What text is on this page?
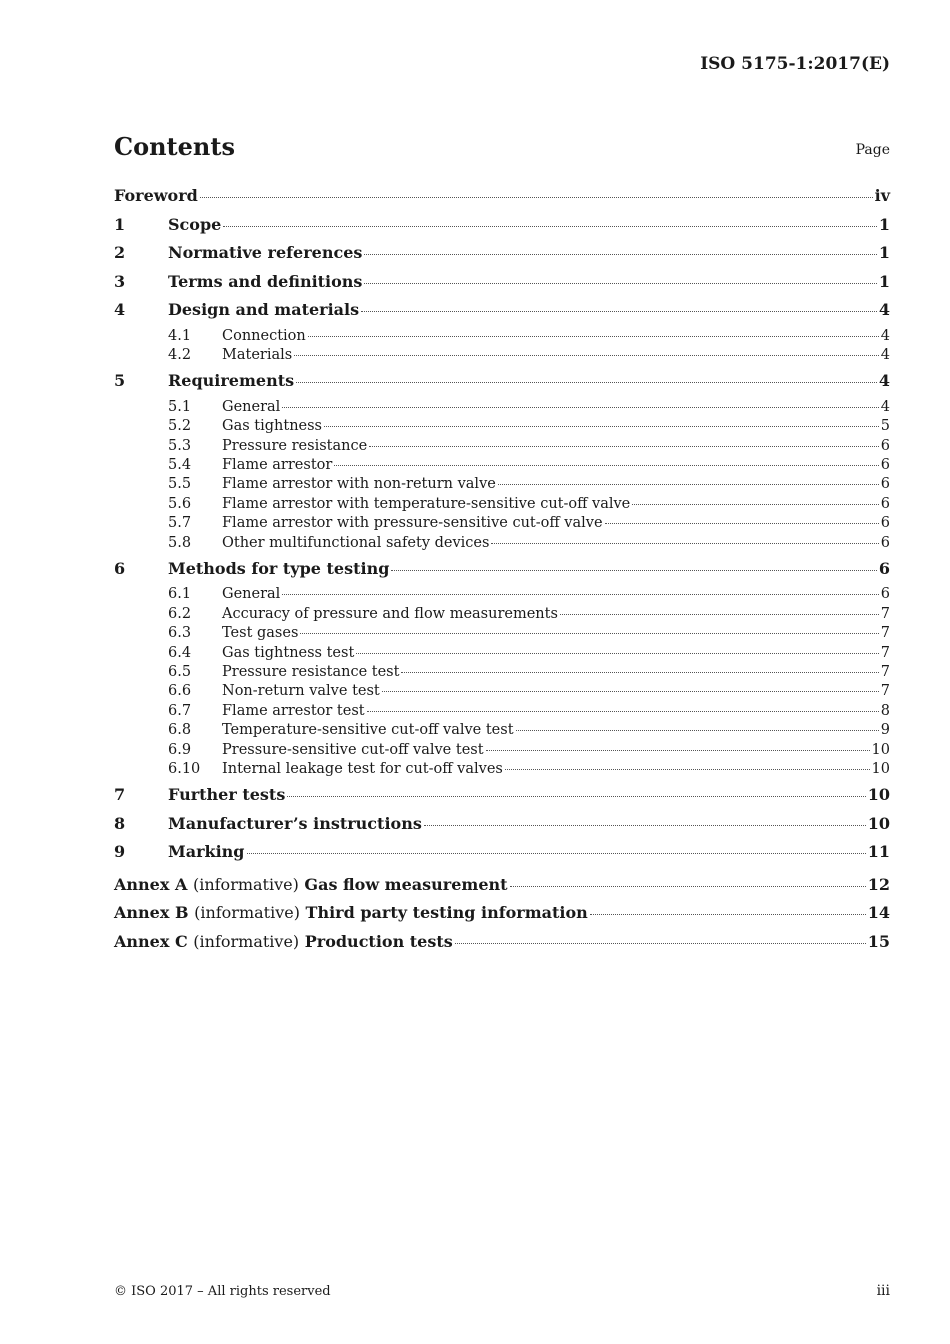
ISO 5175-1:2017(E)
Contents	Page
Foreword	iv
1	Scope	1
2	Normative references	1
3	Terms and definitions	1
4	Design and materials	4
4.1	Connection	4
4.2	Materials	4
5	Requirements	4
5.1	General	4
5.2	Gas tightness	5
5.3	Pressure resistance	6
5.4	Flame arrestor	6
5.5	Flame arrestor with non-return valve	6
5.6	Flame arrestor with temperature-sensitive cut-off valve	6
5.7	Flame arrestor with pressure-sensitive cut-off valve	6
5.8	Other multifunctional safety devices	6
6	Methods for type testing	6
6.1	General	6
6.2	Accuracy of pressure and flow measurements	7
6.3	Test gases	7
6.4	Gas tightness test	7
6.5	Pressure resistance test	7
6.6	Non-return valve test	7
6.7	Flame arrestor test	8
6.8	Temperature-sensitive cut-off valve test	9
6.9	Pressure-sensitive cut-off valve test	10
6.10	Internal leakage test for cut-off valves	10
7	Further tests	10
8	Manufacturer’s instructions	10
9	Marking	11
Annex A (informative) Gas flow measurement	12
Annex B (informative) Third party testing information	14
Annex C (informative) Production tests	15
© ISO 2017 – All rights reserved	iii
